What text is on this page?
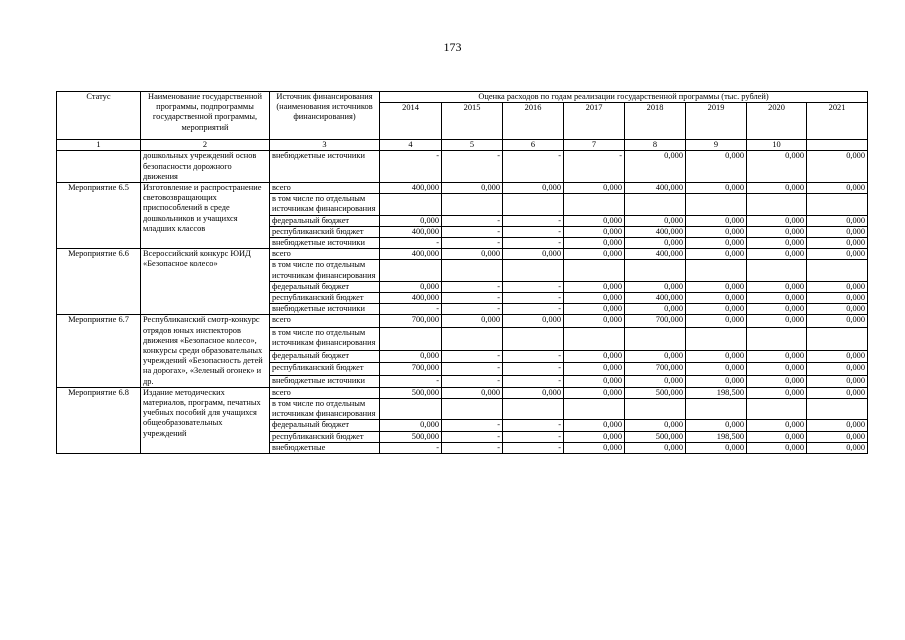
173
Статус	Наименование государственной программы, подпрограммы государственной программы, мероприятий	Источник финансирования (наименования источников финансирования)	Оценка расходов по годам реализации государственной программы (тыс. рублей)							
			2014	2015	2016	2017	2018	2019	2020	2021
1	2	3	4	5	6	7	8	9	10	
	дошкольных учреждений основ безопасности дорожного движения	внебюджетные источники	-	-	-	-	0,000	0,000	0,000	0,000
Мероприятие 6.5	Изготовление и распространение световозвращающих приспособлений в среде дошкольников и учащихся младших классов	всего	400,000	0,000	0,000	0,000	400,000	0,000	0,000	0,000
		в том числе по отдельным источникам финансирования								
		федеральный бюджет	0,000	-	-	0,000	0,000	0,000	0,000	0,000
		республиканский бюджет	400,000	-	-	0,000	400,000	0,000	0,000	0,000
		внебюджетные источники	-	-	-	0,000	0,000	0,000	0,000	0,000
Мероприятие 6.6	Всероссийский конкурс ЮИД «Безопасное колесо»	всего	400,000	0,000	0,000	0,000	400,000	0,000	0,000	0,000
		в том числе по отдельным источникам финансирования								
		федеральный бюджет	0,000	-	-	0,000	0,000	0,000	0,000	0,000
		республиканский бюджет	400,000	-	-	0,000	400,000	0,000	0,000	0,000
		внебюджетные источники	-	-	-	0,000	0,000	0,000	0,000	0,000
Мероприятие 6.7	Республиканский смотр-конкурс отрядов юных инспекторов движения «Безопасное колесо», конкурсы среди образовательных учреждений «Безопасность детей на дорогах», «Зеленый огонек» и др.	всего	700,000	0,000	0,000	0,000	700,000	0,000	0,000	0,000
		в том числе по отдельным источникам финансирования								
		федеральный бюджет	0,000	-	-	0,000	0,000	0,000	0,000	0,000
		республиканский бюджет	700,000	-	-	0,000	700,000	0,000	0,000	0,000
		внебюджетные источники	-	-	-	0,000	0,000	0,000	0,000	0,000
Мероприятие 6.8	Издание методических материалов, программ, печатных учебных пособий для учащихся общеобразовательных учреждений	всего	500,000	0,000	0,000	0,000	500,000	198,500	0,000	0,000
		в том числе по отдельным источникам финансирования								
		федеральный бюджет	0,000	-	-	0,000	0,000	0,000	0,000	0,000
		республиканский бюджет	500,000	-	-	0,000	500,000	198,500	0,000	0,000
		внебюджетные	-	-	-	0,000	0,000	0,000	0,000	0,000
